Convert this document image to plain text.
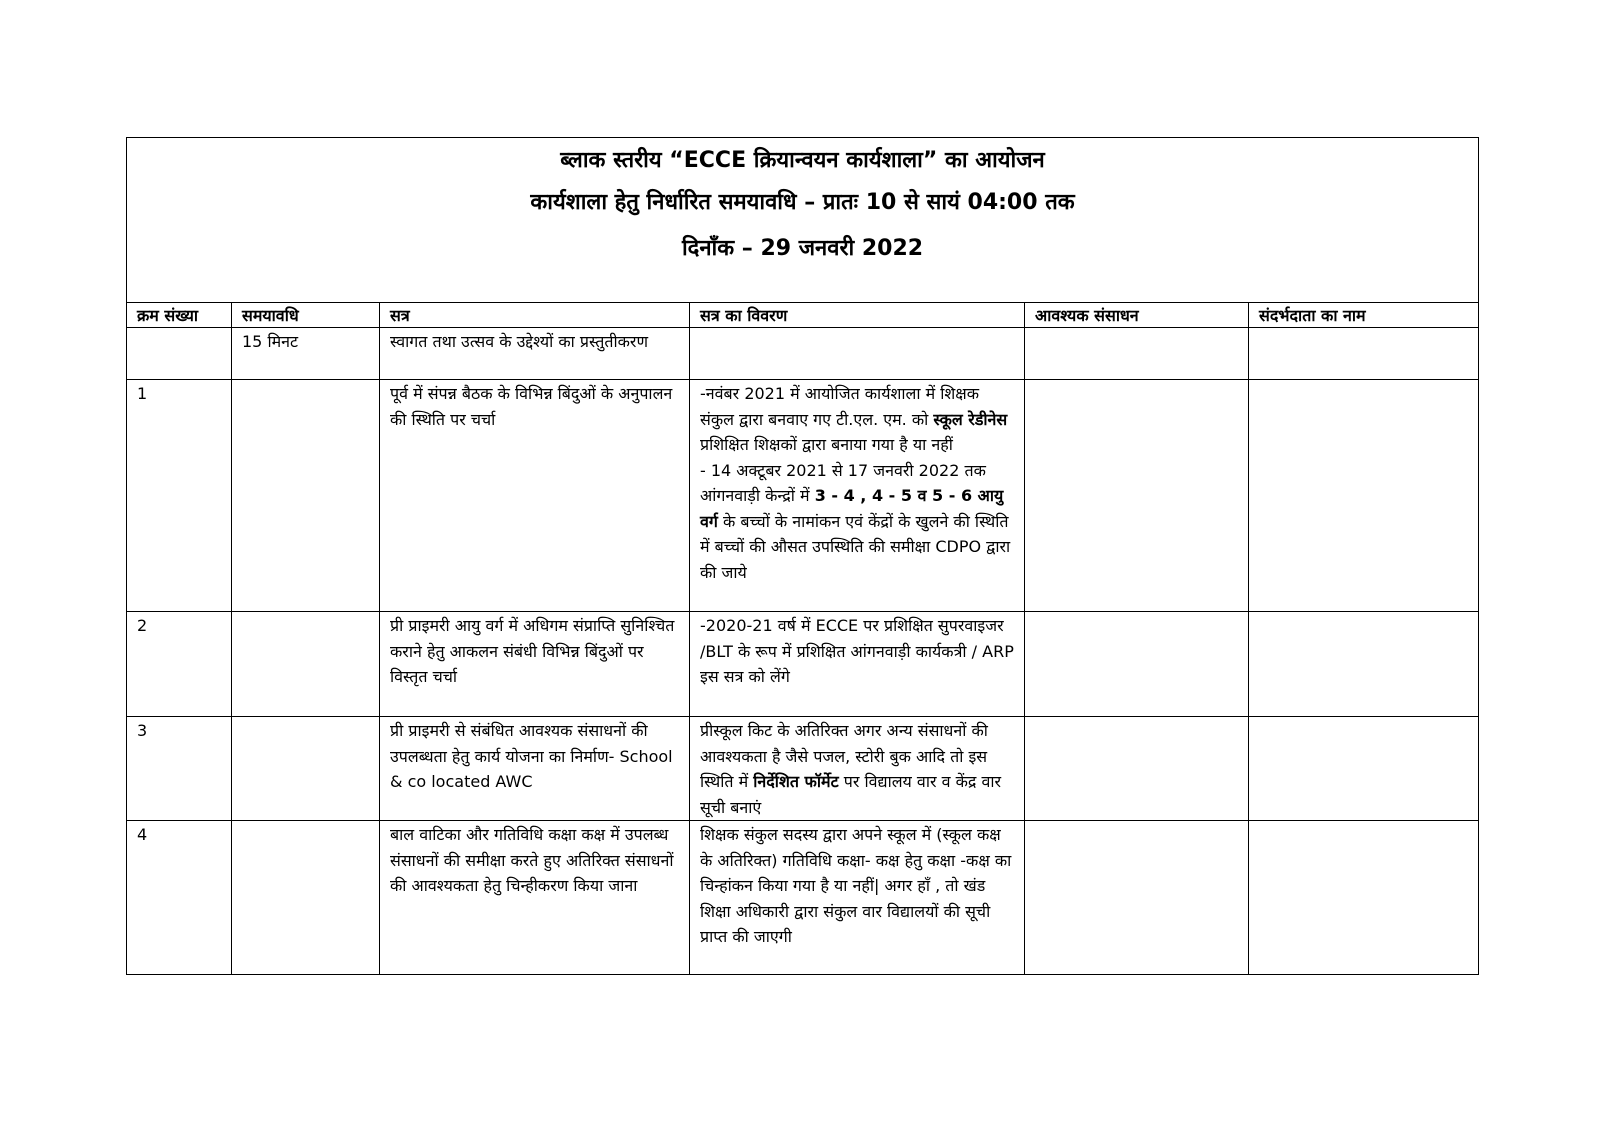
ब्लाक स्तरीय “ECCE क्रियान्वयन कार्यशाला” का आयोजन
कार्यशाला हेतु निर्धारित समयावधि – प्रातः 10 से सायं 04:00 तक
दिनाँक – 29 जनवरी 2022					

क्रम संख्या	समयावधि	सत्र	सत्र का विवरण	आवश्यक संसाधन	संदर्भदाता का नाम
	15 मिनट	स्वागत तथा उत्सव के उद्देश्यों का प्रस्तुतीकरण			
1		पूर्व में संपन्न बैठक के विभिन्न बिंदुओं के अनुपालन की स्थिति पर चर्चा	-नवंबर 2021 में आयोजित कार्यशाला में शिक्षक संकुल द्वारा बनवाए गए टी.एल. एम. को स्कूल रेडीनेस प्रशिक्षित शिक्षकों द्वारा बनाया गया है या नहीं
- 14 अक्टूबर 2021 से 17 जनवरी 2022 तक आंगनवाड़ी केन्द्रों में 3 - 4 , 4 - 5 व 5 - 6 आयु वर्ग के बच्चों के नामांकन एवं केंद्रों के खुलने की स्थिति में बच्चों की औसत उपस्थिति की समीक्षा CDPO द्वारा की जाये		
2		प्री प्राइमरी आयु वर्ग में अधिगम संप्राप्ति सुनिश्चित कराने हेतु आकलन संबंधी विभिन्न बिंदुओं पर विस्तृत चर्चा	-2020-21 वर्ष में ECCE पर प्रशिक्षित सुपरवाइजर /BLT के रूप में प्रशिक्षित आंगनवाड़ी कार्यकत्री / ARP इस सत्र को लेंगे		
3		प्री प्राइमरी से संबंधित आवश्यक संसाधनों की उपलब्धता हेतु कार्य योजना का निर्माण- School & co located AWC	प्रीस्कूल किट के अतिरिक्त अगर अन्य संसाधनों की आवश्यकता है जैसे पजल, स्टोरी बुक आदि तो इस स्थिति में निर्देशित फॉर्मेट पर विद्यालय वार व केंद्र वार सूची बनाएं		
4		बाल वाटिका और गतिविधि कक्षा कक्ष में उपलब्ध संसाधनों की समीक्षा करते हुए अतिरिक्त संसाधनों की आवश्यकता हेतु चिन्हीकरण किया जाना	शिक्षक संकुल सदस्य द्वारा अपने स्कूल में (स्कूल कक्ष के अतिरिक्त) गतिविधि कक्षा- कक्ष हेतु कक्षा -कक्ष का चिन्हांकन किया गया है या नहीं| अगर हाँ , तो खंड शिक्षा अधिकारी द्वारा संकुल वार विद्यालयों की सूची प्राप्त की जाएगी		
